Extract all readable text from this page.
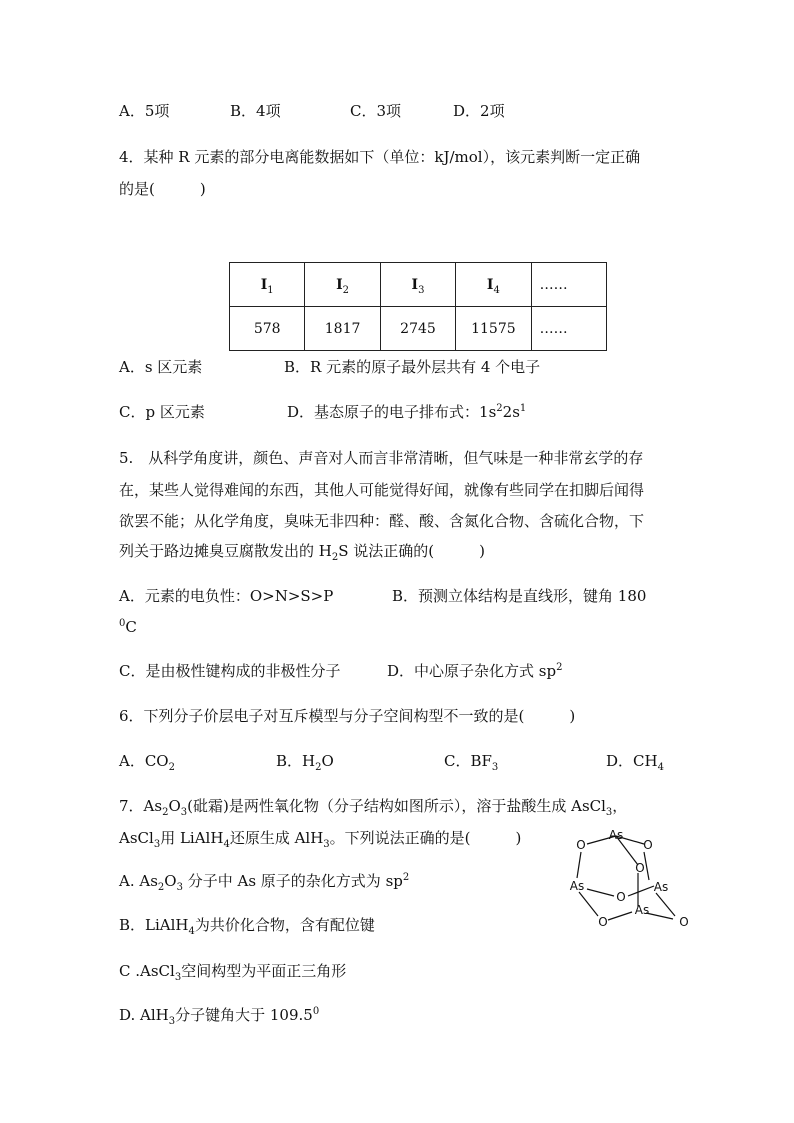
A．5项	B．4项	C．3项	D．2项
4．某种 R 元素的部分电离能数据如下（单位：kJ/mol），该元素判断一定正确
的是(　　　)
$I_1$	$I_2$	$I_3$	$I_4$	……
578	1817	2745	11575	……
A．s 区元素	B．R 元素的原子最外层共有 4 个电子
C．p 区元素	D．基态原子的电子排布式：$1s^22s^1$
5.　从科学角度讲，颜色、声音对人而言非常清晰，但气味是一种非常玄学的存
在，某些人觉得难闻的东西，其他人可能觉得好闻，就像有些同学在扣脚后闻得
欲罢不能；从化学角度，臭味无非四种：醛、酸、含氮化合物、含硫化合物，下
列关于路边摊臭豆腐散发出的 $H_2S$ 说法正确的(　　　)
A．元素的电负性：O>N>S>P	B．预测立体结构是直线形，键角 180
$^0$C
C．是由极性键构成的非极性分子	D．中心原子杂化方式 $sp^2$
6．下列分子价层电子对互斥模型与分子空间构型不一致的是(　　　)
A．$CO_2$	B．$H_2O$	C．$BF_3$	D．$CH_4$
7．$As_2O_3$(砒霜)是两性氧化物（分子结构如图所示），溶于盐酸生成 AsCl$_3$，
AsCl$_3$用 LiAlH$_4$还原生成 AlH$_3$。下列说法正确的是(　　　)
A. $As_2O_3$ 分子中 As 原子的杂化方式为 $sp^2$
B．LiAlH$_4$为共价化合物，含有配位键
C .AsCl$_3$空间构型为平面正三角形
D. AlH$_3$分子键角大于 109.5$^0$
As
O	O
O
As
O
As
As
O	O
